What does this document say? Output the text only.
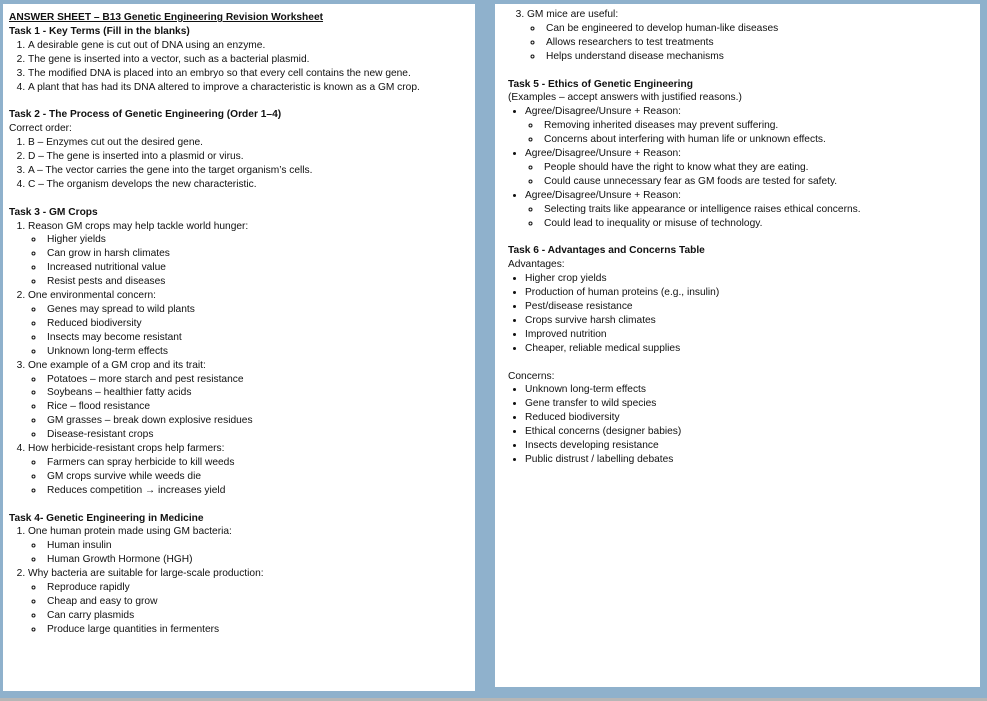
ANSWER SHEET – B13 Genetic Engineering Revision Worksheet
Task 1 - Key Terms (Fill in the blanks)
1. A desirable gene is cut out of DNA using an enzyme.
2. The gene is inserted into a vector, such as a bacterial plasmid.
3. The modified DNA is placed into an embryo so that every cell contains the new gene.
4. A plant that has had its DNA altered to improve a characteristic is known as a GM crop.
Task 2 - The Process of Genetic Engineering (Order 1–4)
Correct order:
1. B – Enzymes cut out the desired gene.
2. D – The gene is inserted into a plasmid or virus.
3. A – The vector carries the gene into the target organism’s cells.
4. C – The organism develops the new characteristic.
Task 3 - GM Crops
1. Reason GM crops may help tackle world hunger:
◦ Higher yields
◦ Can grow in harsh climates
◦ Increased nutritional value
◦ Resist pests and diseases
2. One environmental concern:
◦ Genes may spread to wild plants
◦ Reduced biodiversity
◦ Insects may become resistant
◦ Unknown long-term effects
3. One example of a GM crop and its trait:
◦ Potatoes – more starch and pest resistance
◦ Soybeans – healthier fatty acids
◦ Rice – flood resistance
◦ GM grasses – break down explosive residues
◦ Disease-resistant crops
4. How herbicide-resistant crops help farmers:
◦ Farmers can spray herbicide to kill weeds
◦ GM crops survive while weeds die
◦ Reduces competition → increases yield
Task 4- Genetic Engineering in Medicine
1. One human protein made using GM bacteria:
◦ Human insulin
◦ Human Growth Hormone (HGH)
2. Why bacteria are suitable for large-scale production:
◦ Reproduce rapidly
◦ Cheap and easy to grow
◦ Can carry plasmids
◦ Produce large quantities in fermenters
3. GM mice are useful:
◦ Can be engineered to develop human-like diseases
◦ Allows researchers to test treatments
◦ Helps understand disease mechanisms
Task 5 - Ethics of Genetic Engineering
(Examples – accept answers with justified reasons.)
• Agree/Disagree/Unsure + Reason:
◦ Removing inherited diseases may prevent suffering.
◦ Concerns about interfering with human life or unknown effects.
• Agree/Disagree/Unsure + Reason:
◦ People should have the right to know what they are eating.
◦ Could cause unnecessary fear as GM foods are tested for safety.
• Agree/Disagree/Unsure + Reason:
◦ Selecting traits like appearance or intelligence raises ethical concerns.
◦ Could lead to inequality or misuse of technology.
Task 6 - Advantages and Concerns Table
Advantages:
• Higher crop yields
• Production of human proteins (e.g., insulin)
• Pest/disease resistance
• Crops survive harsh climates
• Improved nutrition
• Cheaper, reliable medical supplies
Concerns:
• Unknown long-term effects
• Gene transfer to wild species
• Reduced biodiversity
• Ethical concerns (designer babies)
• Insects developing resistance
• Public distrust / labelling debates
